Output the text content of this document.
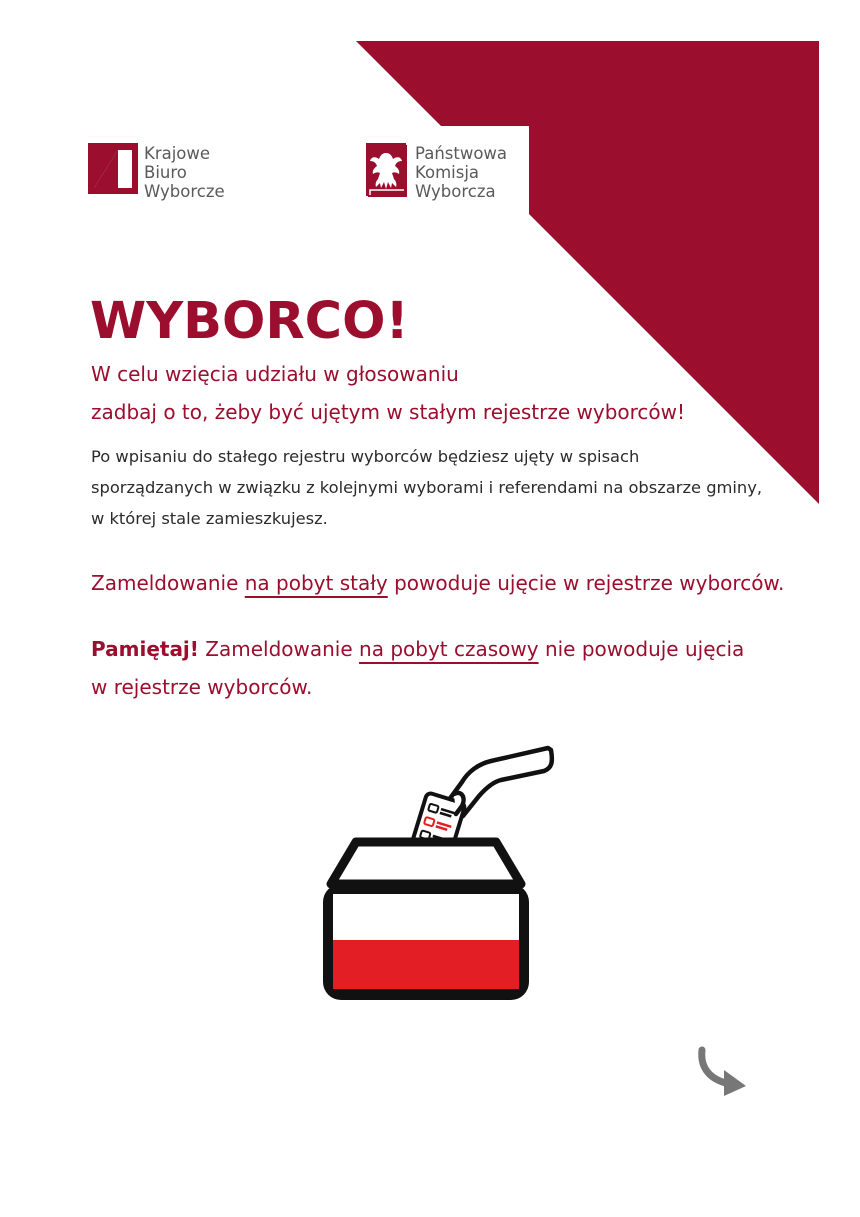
Krajowe
Biuro
Wyborcze
Państwowa
Komisja
Wyborcza
WYBORCO!

W celu wzięcia udziału w głosowaniu

zadbaj o to, żeby być ujętym w stałym rejestrze wyborców!

Po wpisaniu do stałego rejestru wyborców będziesz ujęty w spisach
sporządzanych w związku z kolejnymi wyborami i referendami na obszarze gminy,
w której stale zamieszkujesz.

Zameldowanie na pobyt stały powoduje ujęcie w rejestrze wyborców.

Pamiętaj! Zameldowanie na pobyt czasowy nie powoduje ujęcia

w rejestrze wyborców.
